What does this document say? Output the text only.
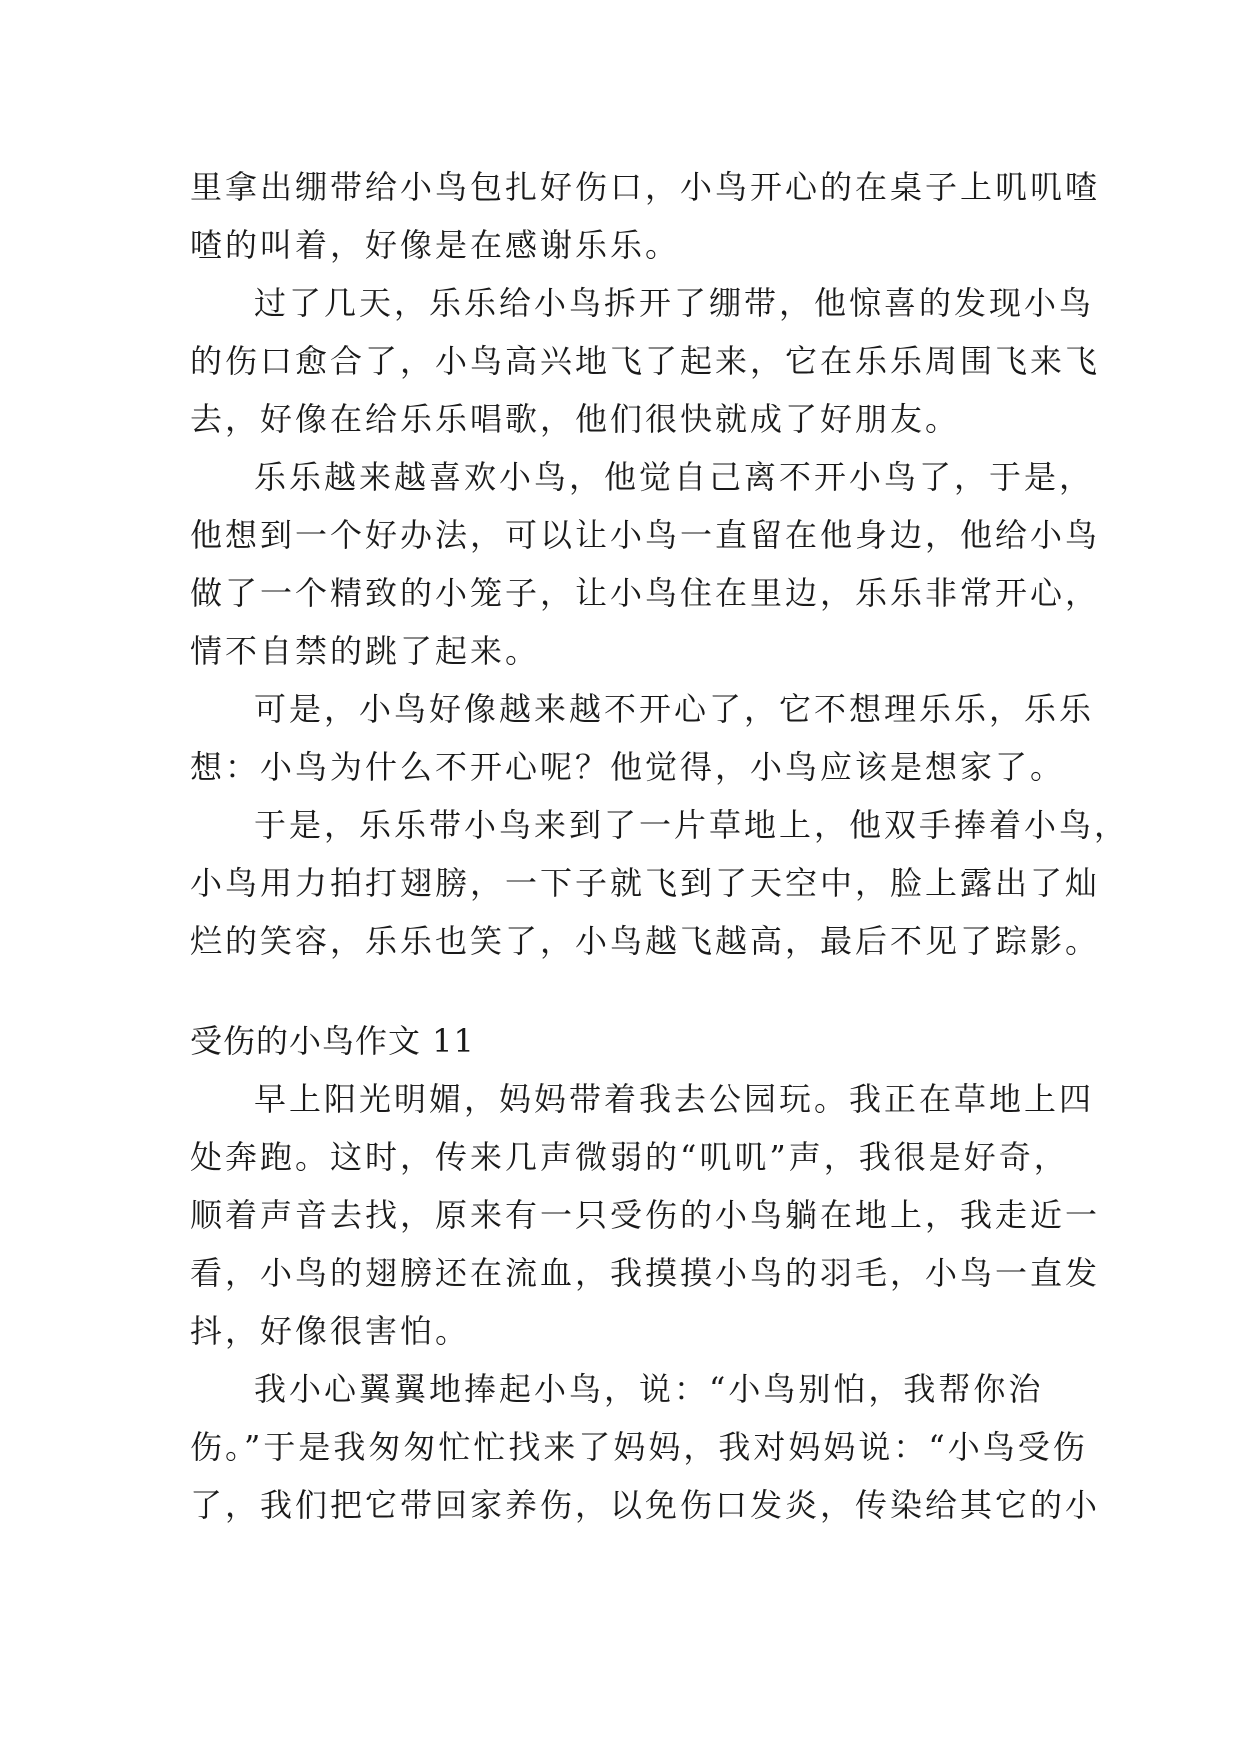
里拿出绷带给小鸟包扎好伤口，小鸟开心的在桌子上叽叽喳
喳的叫着，好像是在感谢乐乐。
过了几天，乐乐给小鸟拆开了绷带，他惊喜的发现小鸟
的伤口愈合了，小鸟高兴地飞了起来，它在乐乐周围飞来飞
去，好像在给乐乐唱歌，他们很快就成了好朋友。
乐乐越来越喜欢小鸟，他觉自己离不开小鸟了，于是，
他想到一个好办法，可以让小鸟一直留在他身边，他给小鸟
做了一个精致的小笼子，让小鸟住在里边，乐乐非常开心，
情不自禁的跳了起来。
可是，小鸟好像越来越不开心了，它不想理乐乐，乐乐
想：小鸟为什么不开心呢？他觉得，小鸟应该是想家了。
于是，乐乐带小鸟来到了一片草地上，他双手捧着小鸟，
小鸟用力拍打翅膀，一下子就飞到了天空中，脸上露出了灿
烂的笑容，乐乐也笑了，小鸟越飞越高，最后不见了踪影。
受伤的小鸟作文 11
早上阳光明媚，妈妈带着我去公园玩。我正在草地上四
处奔跑。这时，传来几声微弱的“叽叽”声，我很是好奇，
顺着声音去找，原来有一只受伤的小鸟躺在地上，我走近一
看，小鸟的翅膀还在流血，我摸摸小鸟的羽毛，小鸟一直发
抖，好像很害怕。
我小心翼翼地捧起小鸟，说：“小鸟别怕，我帮你治
伤。”于是我匆匆忙忙找来了妈妈，我对妈妈说：“小鸟受伤
了，我们把它带回家养伤，以免伤口发炎，传染给其它的小
